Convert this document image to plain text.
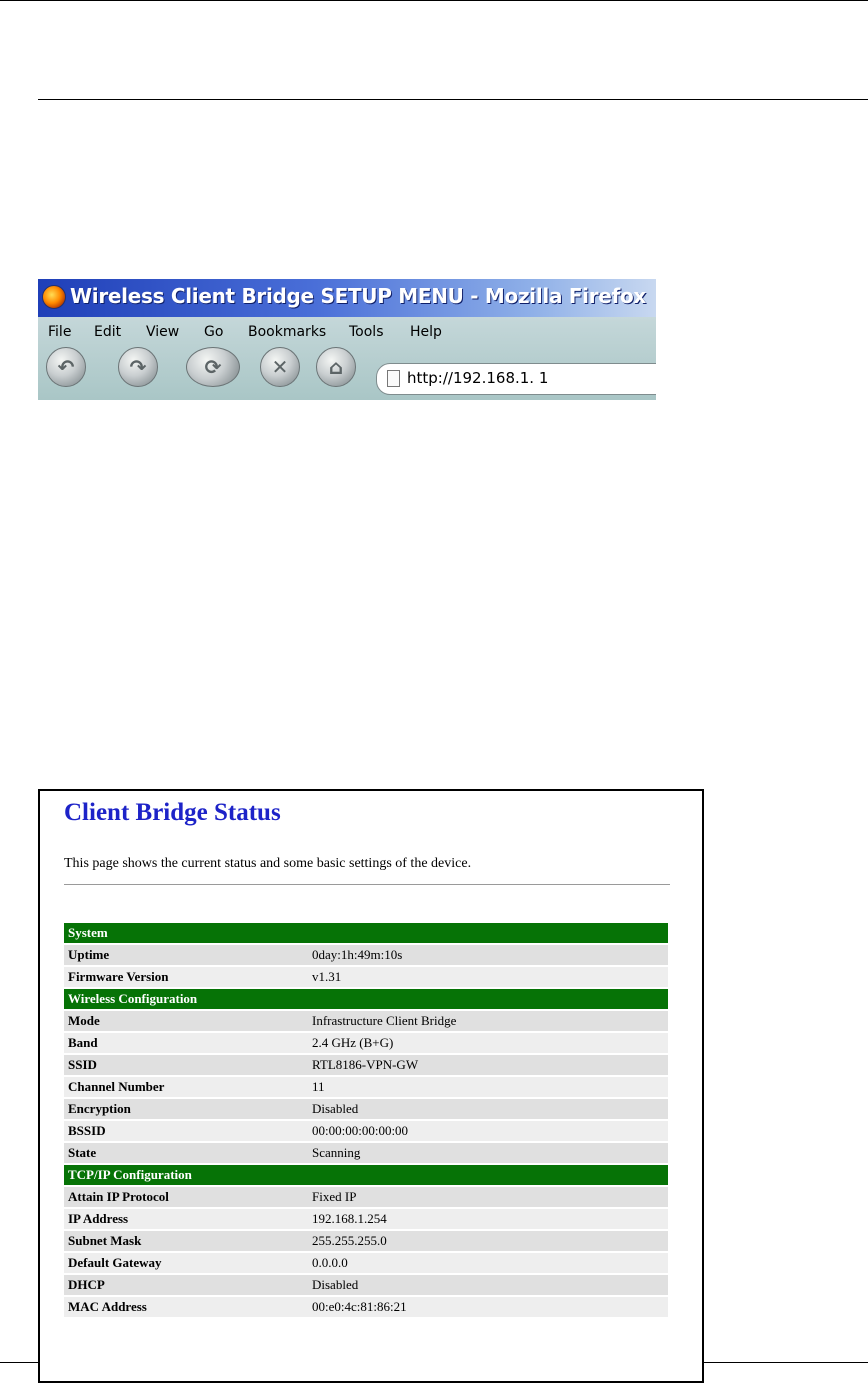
Wireless Client Bridge SETUP MENU - Mozilla Firefox
File Edit View Go Bookmarks Tools Help
↶	↷	⟳	✕	⌂	http://192.168.1. 1
Client Bridge Status
This page shows the current status and some basic settings of the device.
System	
Uptime	0day:1h:49m:10s
Firmware Version	v1.31
Wireless Configuration	
Mode	Infrastructure Client Bridge
Band	2.4 GHz (B+G)
SSID	RTL8186-VPN-GW
Channel Number	11
Encryption	Disabled
BSSID	00:00:00:00:00:00
State	Scanning
TCP/IP Configuration	
Attain IP Protocol	Fixed IP
IP Address	192.168.1.254
Subnet Mask	255.255.255.0
Default Gateway	0.0.0.0
DHCP	Disabled
MAC Address	00:e0:4c:81:86:21
